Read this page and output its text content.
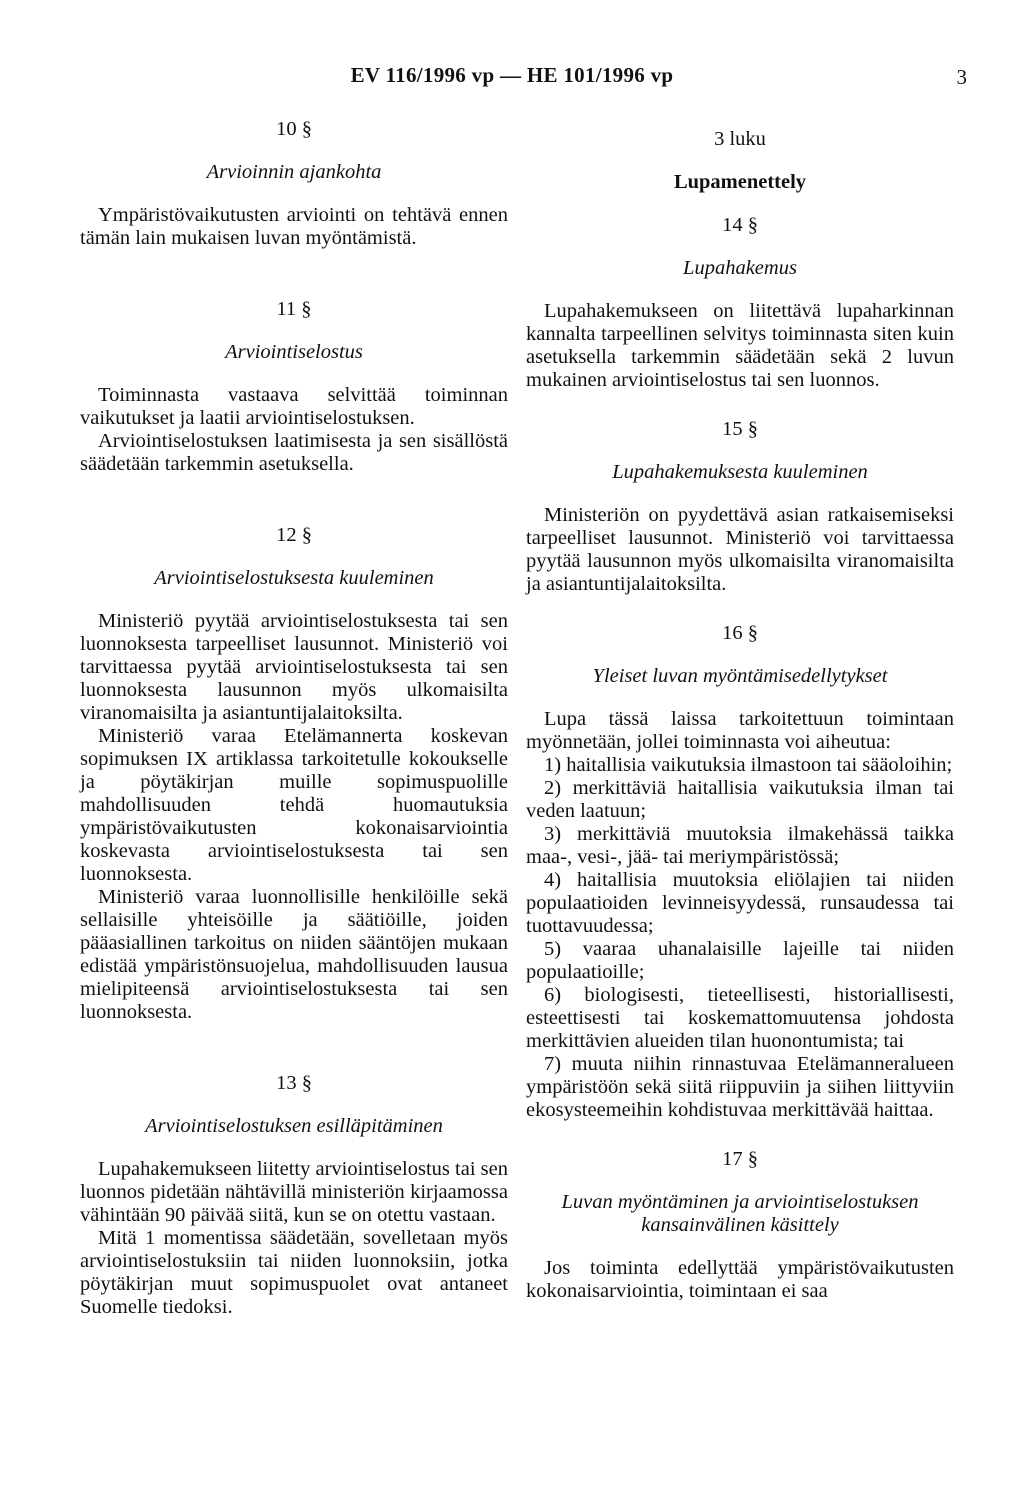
EV 116/1996 vp — HE 101/1996 vp	3
10 §
Arvioinnin ajankohta

Ympäristövaikutusten arviointi on tehtävä ennen tämän lain mukaisen luvan myöntämistä.

11 §
Arviointiselostus

Toiminnasta vastaava selvittää toiminnan vaikutukset ja laatii arviointiselostuksen.

Arviointiselostuksen laatimisesta ja sen sisällöstä säädetään tarkemmin asetuksella.

12 §
Arviointiselostuksesta kuuleminen

Ministeriö pyytää arviointiselostuksesta tai sen luonnoksesta tarpeelliset lausunnot. Ministeriö voi tarvittaessa pyytää arviointiselostuksesta tai sen luonnoksesta lausunnon myös ulkomaisilta viranomaisilta ja asiantuntijalaitoksilta.

Ministeriö varaa Etelämannerta koskevan sopimuksen IX artiklassa tarkoitetulle kokoukselle ja pöytäkirjan muille sopimuspuolille mahdollisuuden tehdä huomautuksia ympäristövaikutusten kokonaisarviointia koskevasta arviointiselostuksesta tai sen luonnoksesta.

Ministeriö varaa luonnollisille henkilöille sekä sellaisille yhteisöille ja säätiöille, joiden pääasiallinen tarkoitus on niiden sääntöjen mukaan edistää ympäristönsuojelua, mahdollisuuden lausua mielipiteensä arviointiselostuksesta tai sen luonnoksesta.

13 §
Arviointiselostuksen esilläpitäminen

Lupahakemukseen liitetty arviointiselostus tai sen luonnos pidetään nähtävillä ministeriön kirjaamossa vähintään 90 päivää siitä, kun se on otettu vastaan.

Mitä 1 momentissa säädetään, sovelletaan myös arviointiselostuksiin tai niiden luonnoksiin, jotka pöytäkirjan muut sopimuspuolet ovat antaneet Suomelle tiedoksi.

3 luku
Lupamenettely
14 §
Lupahakemus

Lupahakemukseen on liitettävä lupaharkinnan kannalta tarpeellinen selvitys toiminnasta siten kuin asetuksella tarkemmin säädetään sekä 2 luvun mukainen arviointiselostus tai sen luonnos.

15 §
Lupahakemuksesta kuuleminen

Ministeriön on pyydettävä asian ratkaisemiseksi tarpeelliset lausunnot. Ministeriö voi tarvittaessa pyytää lausunnon myös ulkomaisilta viranomaisilta ja asiantuntijalaitoksilta.

16 §
Yleiset luvan myöntämisedellytykset

Lupa tässä laissa tarkoitettuun toimintaan myönnetään, jollei toiminnasta voi aiheutua:

1) haitallisia vaikutuksia ilmastoon tai sääoloihin;

2) merkittäviä haitallisia vaikutuksia ilman tai veden laatuun;

3) merkittäviä muutoksia ilmakehässä taikka maa-, vesi-, jää- tai meriympäristössä;

4) haitallisia muutoksia eliölajien tai niiden populaatioiden levinneisyydessä, runsaudessa tai tuottavuudessa;

5) vaaraa uhanalaisille lajeille tai niiden populaatioille;

6) biologisesti, tieteellisesti, historiallisesti, esteettisesti tai koskemattomuutensa johdosta merkittävien alueiden tilan huonontumista; tai

7) muuta niihin rinnastuvaa Etelämanneralueen ympäristöön sekä siitä riippuviin ja siihen liittyviin ekosysteemeihin kohdistuvaa merkittävää haittaa.

17 §
Luvan myöntäminen ja arviointiselostuksen kansainvälinen käsittely

Jos toiminta edellyttää ympäristövaikutusten kokonaisarviointia, toimintaan ei saa
